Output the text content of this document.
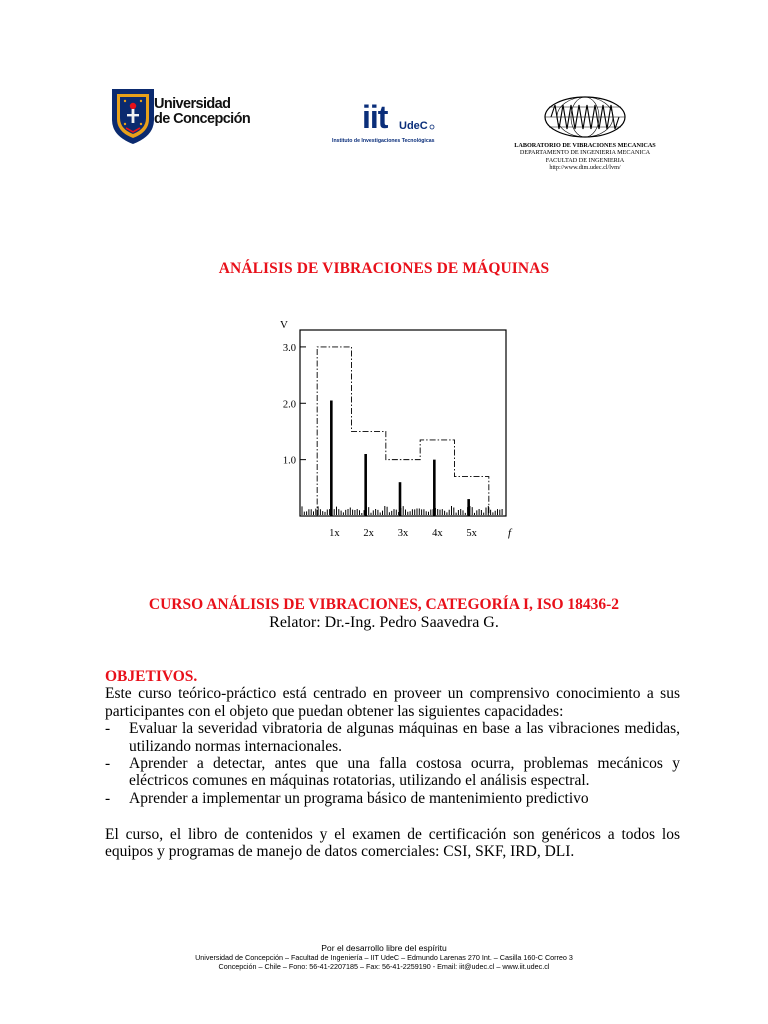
Universidad
de Concepción	iit UdeC
Instituto de Investigaciones Tecnológicas
LABORATORIO DE VIBRACIONES MECANICAS
DEPARTAMENTO DE INGENIERIA MECANICA
FACULTAD DE INGENIERIA
http://www.dim.udec.cl/lvm/
ANÁLISIS DE VIBRACIONES DE MÁQUINAS
1.0
2.0
3.0
1x 2x 3x 4x 5x
V
f
CURSO ANÁLISIS DE VIBRACIONES, CATEGORÍA I, ISO 18436-2
Relator: Dr.-Ing. Pedro Saavedra G.
OBJETIVOS.

Este curso teórico-práctico está centrado en proveer un comprensivo conocimiento a sus participantes con el objeto que puedan obtener las siguientes capacidades:

- Evaluar la severidad vibratoria de algunas máquinas en base a las vibraciones medidas, utilizando normas internacionales.
- Aprender a detectar, antes que una falla costosa ocurra, problemas mecánicos y eléctricos comunes en máquinas rotatorias, utilizando el análisis espectral.
- Aprender a implementar un programa básico de mantenimiento predictivo
El curso, el libro de contenidos y el examen de certificación son genéricos a todos los equipos y programas de manejo de datos comerciales: CSI, SKF, IRD, DLI.
Por el desarrollo libre del espíritu
Universidad de Concepción – Facultad de Ingeniería – IIT UdeC – Edmundo Larenas 270 Int. – Casilla 160-C Correo 3
Concepción – Chile – Fono: 56-41-2207185 – Fax: 56-41-2259190 - Email: iit@udec.cl – www.iit.udec.cl
